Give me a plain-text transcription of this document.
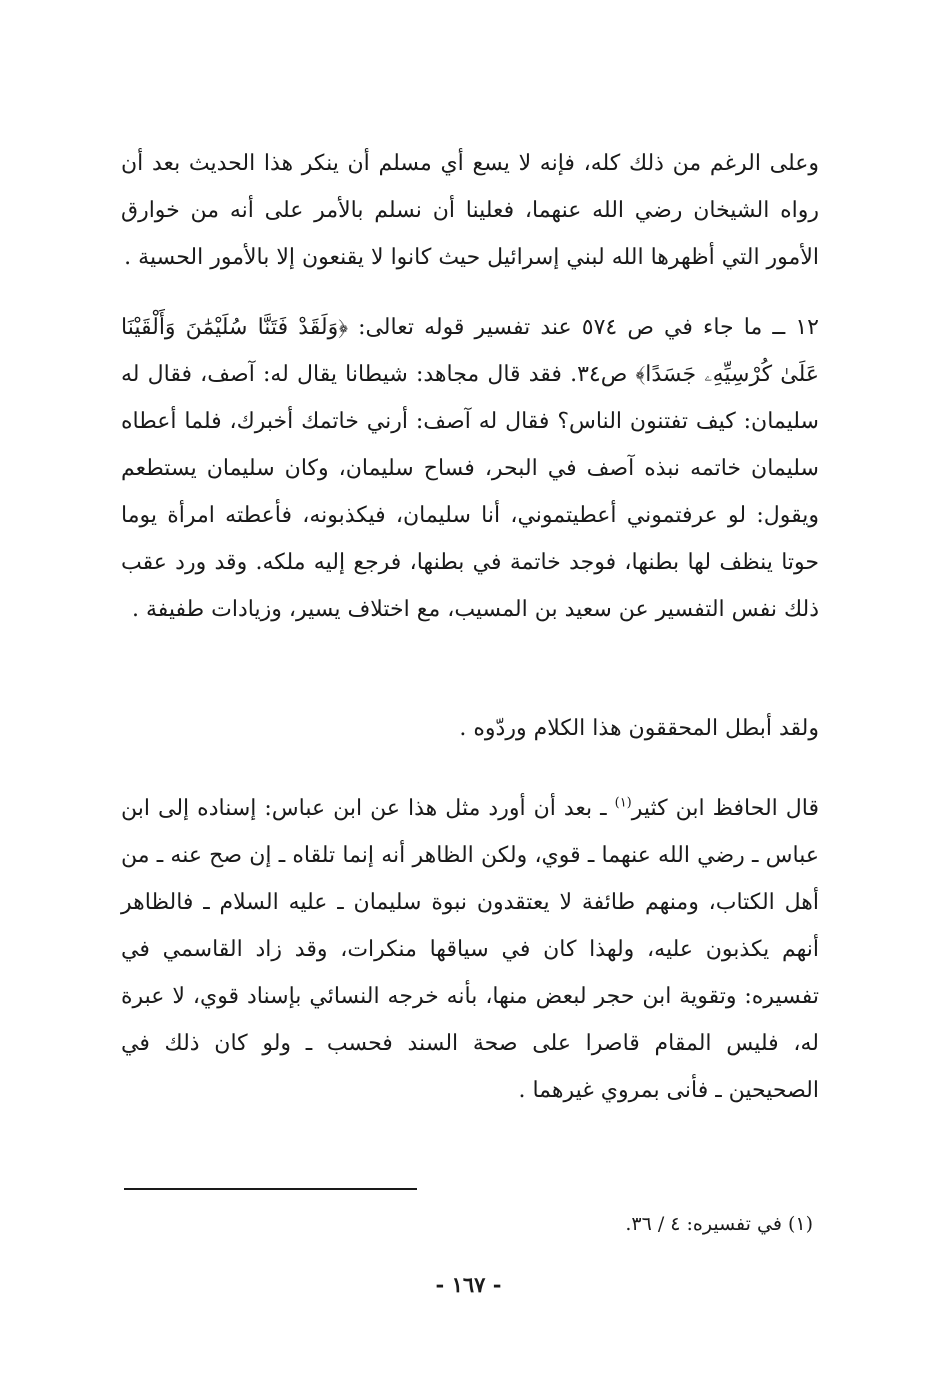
وعلى الرغم من ذلك كله، فإنه لا يسع أي مسلم أن ينكر هذا الحديث بعد أن رواه الشيخان رضي الله عنهما، فعلينا أن نسلم بالأمر على أنه من خوارق الأمور التي أظهرها الله لبني إسرائيل حيث كانوا لا يقنعون إلا بالأمور الحسية .

١٢ ــ ما جاء في ص ٥٧٤ عند تفسير قوله تعالى: ﴿وَلَقَدْ فَتَنَّا سُلَيْمَٰنَ وَأَلْقَيْنَا عَلَىٰ كُرْسِيِّهِۦ جَسَدًا﴾ ص٣٤. فقد قال مجاهد: شيطانا يقال له: آصف، فقال له سليمان: كيف تفتنون الناس؟ فقال له آصف: أرني خاتمك أخبرك، فلما أعطاه سليمان خاتمه نبذه آصف في البحر، فساح سليمان، وكان سليمان يستطعم ويقول: لو عرفتموني أعطيتموني، أنا سليمان، فيكذبونه، فأعطته امرأة يوما حوتا ينظف لها بطنها، فوجد خاتمة في بطنها، فرجع إليه ملكه. وقد ورد عقب ذلك نفس التفسير عن سعيد بن المسيب، مع اختلاف يسير، وزيادات طفيفة .

ولقد أبطل المحققون هذا الكلام وردّوه .

قال الحافظ ابن كثير$^{(١)}$ ـ بعد أن أورد مثل هذا عن ابن عباس: إسناده إلى ابن عباس ـ رضي الله عنهما ـ قوي، ولكن الظاهر أنه إنما تلقاه ـ إن صح عنه ـ من أهل الكتاب، ومنهم طائفة لا يعتقدون نبوة سليمان ـ عليه السلام ـ فالظاهر أنهم يكذبون عليه، ولهذا كان في سياقها منكرات، وقد زاد القاسمي في تفسيره: وتقوية ابن حجر لبعض منها، بأنه خرجه النسائي بإسناد قوي، لا عبرة له، فليس المقام قاصرا على صحة السند فحسب ـ ولو كان ذلك في الصحيحين ـ فأنى بمروي غيرهما .

(١) في تفسيره: ٤ / ٣٦.

- ١٦٧ -
